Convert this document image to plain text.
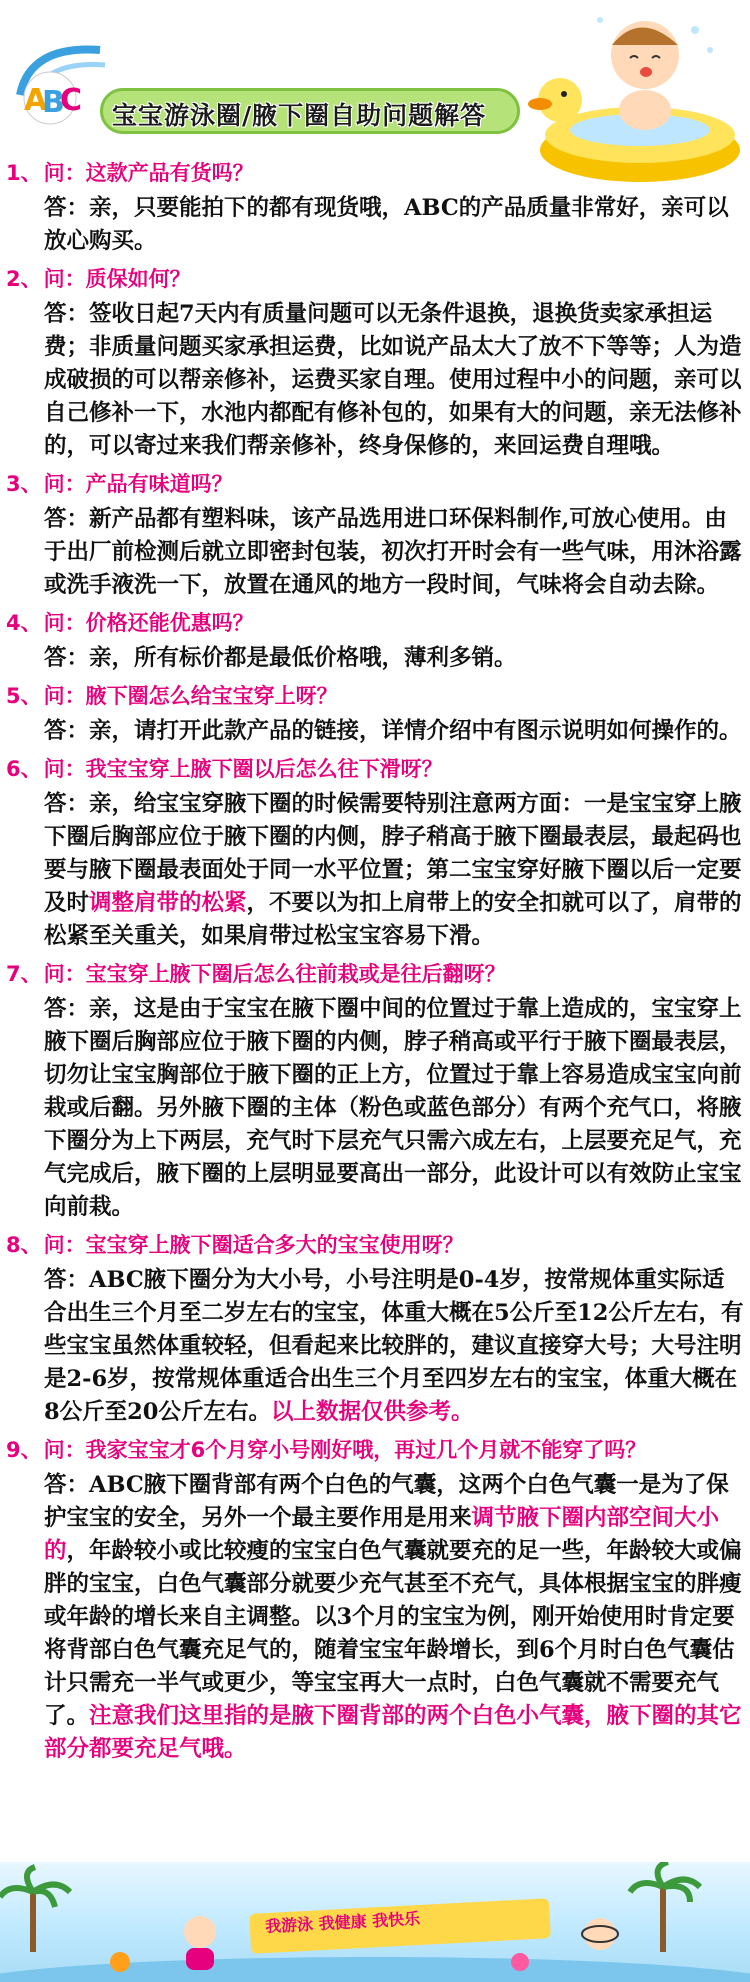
A
B
C 宝宝游泳圈/腋下圈自助问题解答
1、问：这款产品有货吗？
答：亲，只要能拍下的都有现货哦，ABC的产品质量非常好，亲可以放心购买。
2、问：质保如何？
答：签收日起7天内有质量问题可以无条件退换，退换货卖家承担运费；非质量问题买家承担运费，比如说产品太大了放不下等等；人为造成破损的可以帮亲修补，运费买家自理。使用过程中小的问题，亲可以自己修补一下，水池内都配有修补包的，如果有大的问题，亲无法修补的，可以寄过来我们帮亲修补，终身保修的，来回运费自理哦。
3、问：产品有味道吗？
答：新产品都有塑料味，该产品选用进口环保料制作,可放心使用。由于出厂前检测后就立即密封包装，初次打开时会有一些气味，用沐浴露或洗手液洗一下，放置在通风的地方一段时间，气味将会自动去除。
4、问：价格还能优惠吗？
答：亲，所有标价都是最低价格哦，薄利多销。
5、问：腋下圈怎么给宝宝穿上呀？
答：亲，请打开此款产品的链接，详情介绍中有图示说明如何操作的。
6、问：我宝宝穿上腋下圈以后怎么往下滑呀？
答：亲，给宝宝穿腋下圈的时候需要特别注意两方面：一是宝宝穿上腋下圈后胸部应位于腋下圈的内侧，脖子稍高于腋下圈最表层，最起码也要与腋下圈最表面处于同一水平位置；第二宝宝穿好腋下圈以后一定要及时调整肩带的松紧，不要以为扣上肩带上的安全扣就可以了，肩带的松紧至关重关，如果肩带过松宝宝容易下滑。
7、问：宝宝穿上腋下圈后怎么往前栽或是往后翻呀？
答：亲，这是由于宝宝在腋下圈中间的位置过于靠上造成的，宝宝穿上腋下圈后胸部应位于腋下圈的内侧，脖子稍高或平行于腋下圈最表层，切勿让宝宝胸部位于腋下圈的正上方，位置过于靠上容易造成宝宝向前栽或后翻。另外腋下圈的主体（粉色或蓝色部分）有两个充气口，将腋下圈分为上下两层，充气时下层充气只需六成左右，上层要充足气，充气完成后，腋下圈的上层明显要高出一部分，此设计可以有效防止宝宝向前栽。
8、问：宝宝穿上腋下圈适合多大的宝宝使用呀？
答：ABC腋下圈分为大小号，小号注明是0-4岁，按常规体重实际适合出生三个月至二岁左右的宝宝，体重大概在5公斤至12公斤左右，有些宝宝虽然体重较轻，但看起来比较胖的，建议直接穿大号；大号注明是2-6岁，按常规体重适合出生三个月至四岁左右的宝宝，体重大概在8公斤至20公斤左右。以上数据仅供参考。
9、问：我家宝宝才6个月穿小号刚好哦，再过几个月就不能穿了吗？
答：ABC腋下圈背部有两个白色的气囊，这两个白色气囊一是为了保护宝宝的安全，另外一个最主要作用是用来调节腋下圈内部空间大小的，年龄较小或比较瘦的宝宝白色气囊就要充的足一些，年龄较大或偏胖的宝宝，白色气囊部分就要少充气甚至不充气，具体根据宝宝的胖瘦或年龄的增长来自主调整。以3个月的宝宝为例，刚开始使用时肯定要将背部白色气囊充足气的，随着宝宝年龄增长，到6个月时白色气囊估计只需充一半气或更少，等宝宝再大一点时，白色气囊就不需要充气了。注意我们这里指的是腋下圈背部的两个白色小气囊，腋下圈的其它部分都要充足气哦。
我游泳 我健康 我快乐
